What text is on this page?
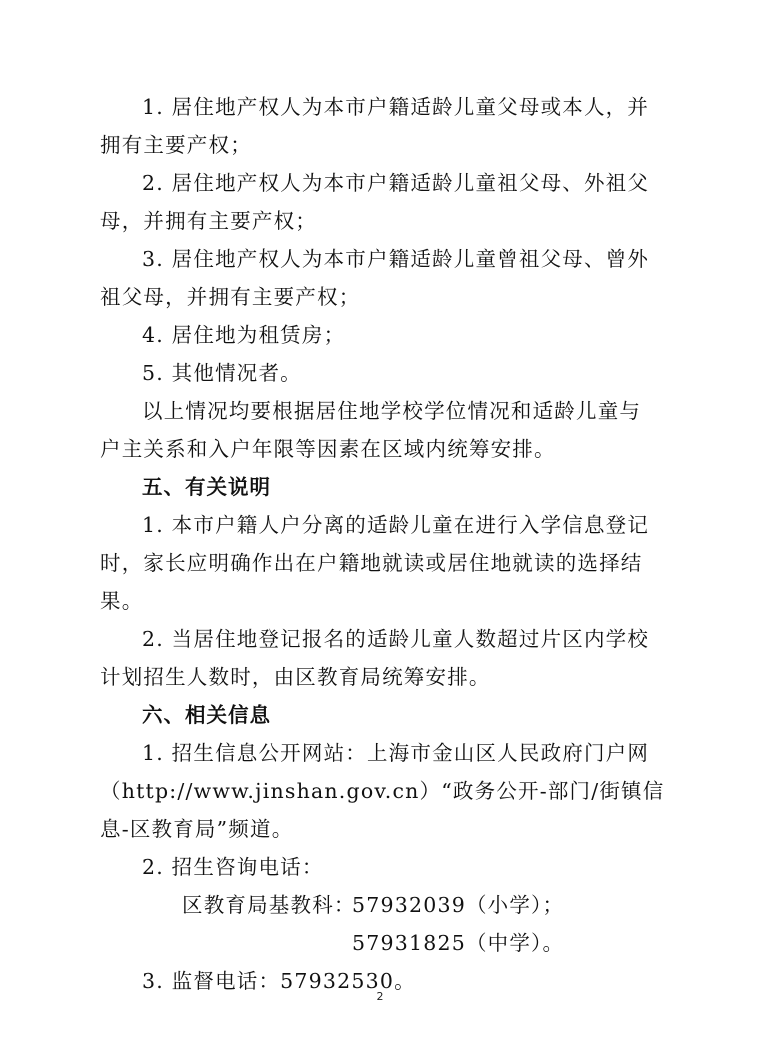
1. 居住地产权人为本市户籍适龄儿童父母或本人，并
拥有主要产权；
2. 居住地产权人为本市户籍适龄儿童祖父母、外祖父
母，并拥有主要产权；
3. 居住地产权人为本市户籍适龄儿童曾祖父母、曾外
祖父母，并拥有主要产权；
4. 居住地为租赁房；
5. 其他情况者。
以上情况均要根据居住地学校学位情况和适龄儿童与
户主关系和入户年限等因素在区域内统筹安排。
五、有关说明
1. 本市户籍人户分离的适龄儿童在进行入学信息登记
时，家长应明确作出在户籍地就读或居住地就读的选择结
果。
2. 当居住地登记报名的适龄儿童人数超过片区内学校
计划招生人数时，由区教育局统筹安排。
六、相关信息
1. 招生信息公开网站：上海市金山区人民政府门户网
（http://www.jinshan.gov.cn）“政务公开-部门/街镇信
息-区教育局”频道。
2. 招生咨询电话：
区教育局基教科：
57932039（小学）；
57931825（中学）。
3. 监督电话：57932530。
2
